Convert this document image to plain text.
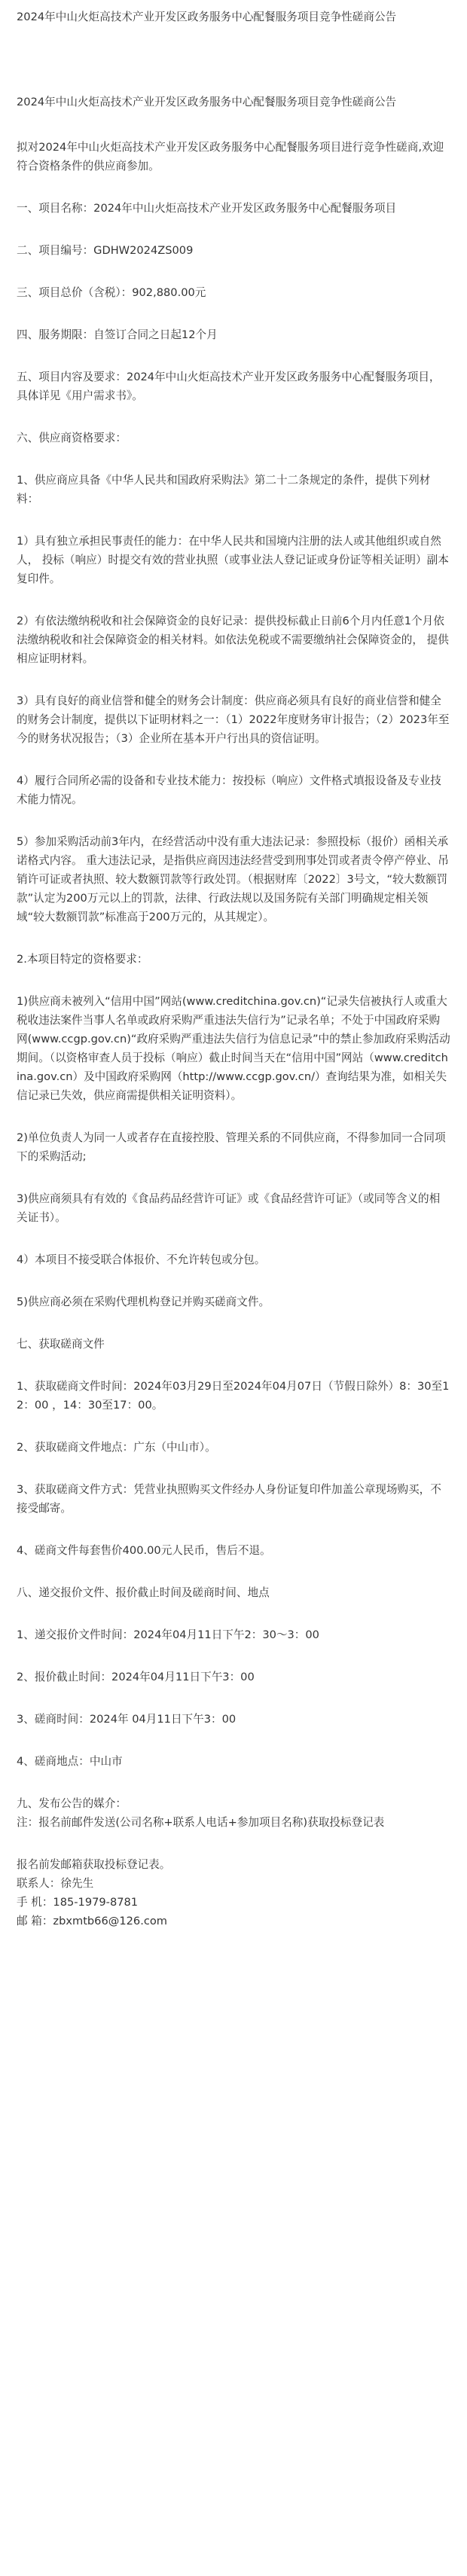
2024年中山火炬高技术产业开发区政务服务中心配餐服务项目竞争性磋商公告

2024年中山火炬高技术产业开发区政务服务中心配餐服务项目竞争性磋商公告

拟对2024年中山火炬高技术产业开发区政务服务中心配餐服务项目进行竞争性磋商,欢迎符合资格条件的供应商参加。

一、项目名称：2024年中山火炬高技术产业开发区政务服务中心配餐服务项目

二、项目编号：GDHW2024ZS009

三、项目总价（含税）：902,880.00元

四、服务期限：自签订合同之日起12个月

五、项目内容及要求：2024年中山火炬高技术产业开发区政务服务中心配餐服务项目，具体详见《用户需求书》。

六、供应商资格要求：

1、供应商应具备《中华人民共和国政府采购法》第二十二条规定的条件，提供下列材料：

1）具有独立承担民事责任的能力：在中华人民共和国境内注册的法人或其他组织或自然人， 投标（响应）时提交有效的营业执照（或事业法人登记证或身份证等相关证明）副本复印件。

2）有依法缴纳税收和社会保障资金的良好记录：提供投标截止日前6个月内任意1个月依法缴纳税收和社会保障资金的相关材料。如依法免税或不需要缴纳社会保障资金的， 提供相应证明材料。

3）具有良好的商业信誉和健全的财务会计制度：供应商必须具有良好的商业信誉和健全的财务会计制度，提供以下证明材料之一：（1）2022年度财务审计报告；（2）2023年至今的财务状况报告；（3）企业所在基本开户行出具的资信证明。

4）履行合同所必需的设备和专业技术能力：按投标（响应）文件格式填报设备及专业技术能力情况。

5）参加采购活动前3年内，在经营活动中没有重大违法记录：参照投标（报价）函相关承诺格式内容。 重大违法记录，是指供应商因违法经营受到刑事处罚或者责令停产停业、吊销许可证或者执照、较大数额罚款等行政处罚。（根据财库〔2022〕3号文，“较大数额罚款”认定为200万元以上的罚款，法律、行政法规以及国务院有关部门明确规定相关领域“较大数额罚款”标准高于200万元的，从其规定）。

2.本项目特定的资格要求：

1)供应商未被列入“信用中国”网站(www.creditchina.gov.cn)“记录失信被执行人或重大税收违法案件当事人名单或政府采购严重违法失信行为”记录名单；不处于中国政府采购网(www.ccgp.gov.cn)“政府采购严重违法失信行为信息记录”中的禁止参加政府采购活动期间。（以资格审查人员于投标（响应）截止时间当天在“信用中国”网站（www.creditchina.gov.cn）及中国政府采购网（http://www.ccgp.gov.cn/）查询结果为准，如相关失信记录已失效，供应商需提供相关证明资料）。

2)单位负责人为同一人或者存在直接控股、管理关系的不同供应商，不得参加同一合同项下的采购活动;

3)供应商须具有有效的《食品药品经营许可证》或《食品经营许可证》（或同等含义的相关证书）。

4）本项目不接受联合体报价、不允许转包或分包。

5)供应商必须在采购代理机构登记并购买磋商文件。

七、获取磋商文件

1、获取磋商文件时间：2024年03月29日至2024年04月07日（节假日除外）8：30至12：00 ，14：30至17：00。

2、获取磋商文件地点：广东（中山市）。

3、获取磋商文件方式：凭营业执照购买文件经办人身份证复印件加盖公章现场购买，不接受邮寄。

4、磋商文件每套售价400.00元人民币，售后不退。

八、递交报价文件、报价截止时间及磋商时间、地点

1、递交报价文件时间：2024年04月11日下午2：30～3：00

2、报价截止时间：2024年04月11日下午3：00

3、磋商时间：2024年 04月11日下午3：00

4、磋商地点：中山市

九、发布公告的媒介：

注：报名前邮件发送(公司名称+联系人电话+参加项目名称)获取投标登记表

报名前发邮箱获取投标登记表。

联系人：徐先生

手 机：185-1979-8781

邮 箱：zbxmtb66@126.com
